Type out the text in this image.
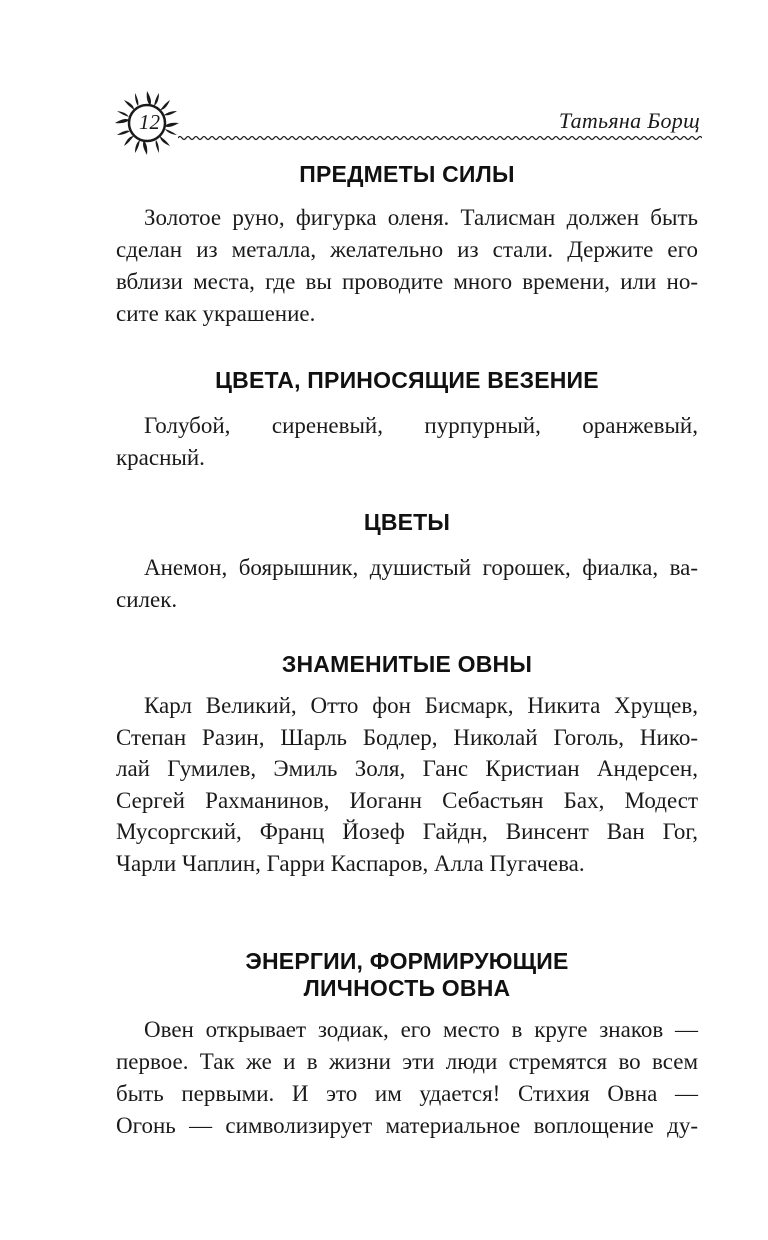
12	Татьяна Борщ
ПРЕДМЕТЫ СИЛЫ
Золотое руно, фигурка оленя. Талисман должен быть
сделан из металла, желательно из стали. Держите его
вблизи места, где вы проводите много времени, или но-
сите как украшение.
ЦВЕТА, ПРИНОСЯЩИЕ ВЕЗЕНИЕ
Голубой, сиреневый, пурпурный, оранжевый,
красный.
ЦВЕТЫ
Анемон, боярышник, душистый горошек, фиалка, ва-
силек.
ЗНАМЕНИТЫЕ ОВНЫ
Карл Великий, Отто фон Бисмарк, Никита Хрущев,
Степан Разин, Шарль Бодлер, Николай Гоголь, Нико-
лай Гумилев, Эмиль Золя, Ганс Кристиан Андерсен,
Сергей Рахманинов, Иоганн Себастьян Бах, Модест
Мусоргский, Франц Йозеф Гайдн, Винсент Ван Гог,
Чарли Чаплин, Гарри Каспаров, Алла Пугачева.
ЭНЕРГИИ, ФОРМИРУЮЩИЕ
ЛИЧНОСТЬ ОВНА
Овен открывает зодиак, его место в круге знаков —
первое. Так же и в жизни эти люди стремятся во всем
быть первыми. И это им удается! Стихия Овна —
Огонь — символизирует материальное воплощение ду-
